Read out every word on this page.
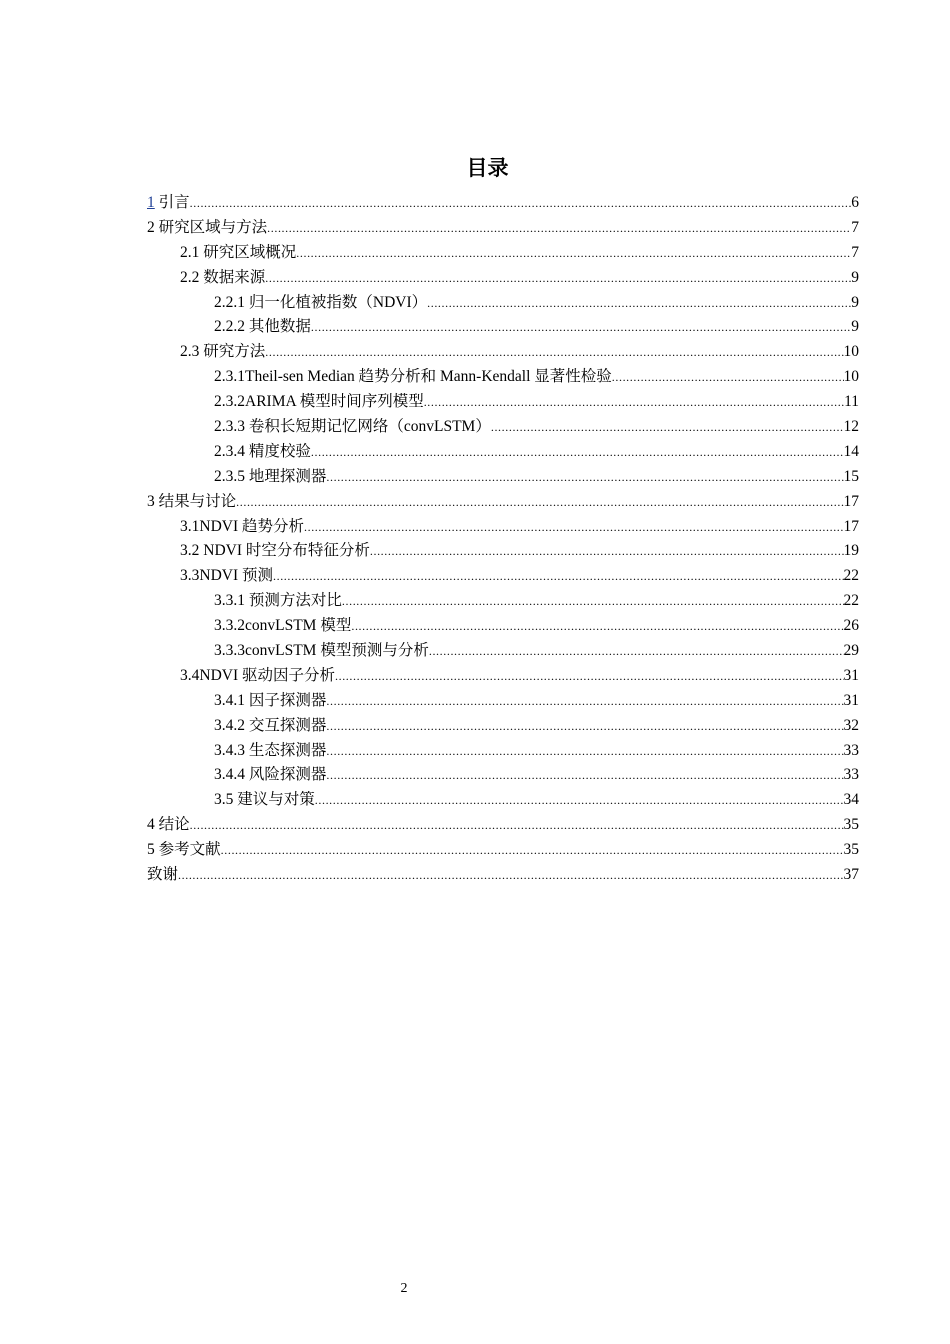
目录
1 引言 .....	6
2 研究区域与方法 .....	7
2.1 研究区域概况 .....	7
2.2 数据来源 .....	9
2.2.1 归一化植被指数（NDVI） .....	9
2.2.2 其他数据 .....	9
2.3 研究方法 .....	10
2.3.1Theil-sen Median 趋势分析和 Mann-Kendall 显著性检验 .....	10
2.3.2ARIMA 模型时间序列模型 .....	11
2.3.3 卷积长短期记忆网络（convLSTM） .....	12
2.3.4 精度校验 .....	14
2.3.5 地理探测器 .....	15
3 结果与讨论 .....	17
3.1NDVI 趋势分析 .....	17
3.2 NDVI 时空分布特征分析 .....	19
3.3NDVI 预测 .....	22
3.3.1 预测方法对比 .....	22
3.3.2convLSTM 模型 .....	26
3.3.3convLSTM 模型预测与分析 .....	29
3.4NDVI 驱动因子分析 .....	31
3.4.1 因子探测器 .....	31
3.4.2 交互探测器 .....	32
3.4.3 生态探测器 .....	33
3.4.4 风险探测器 .....	33
3.5 建议与对策 .....	34
4 结论 .....	35
5 参考文献 .....	35
致谢 .....	37
2
